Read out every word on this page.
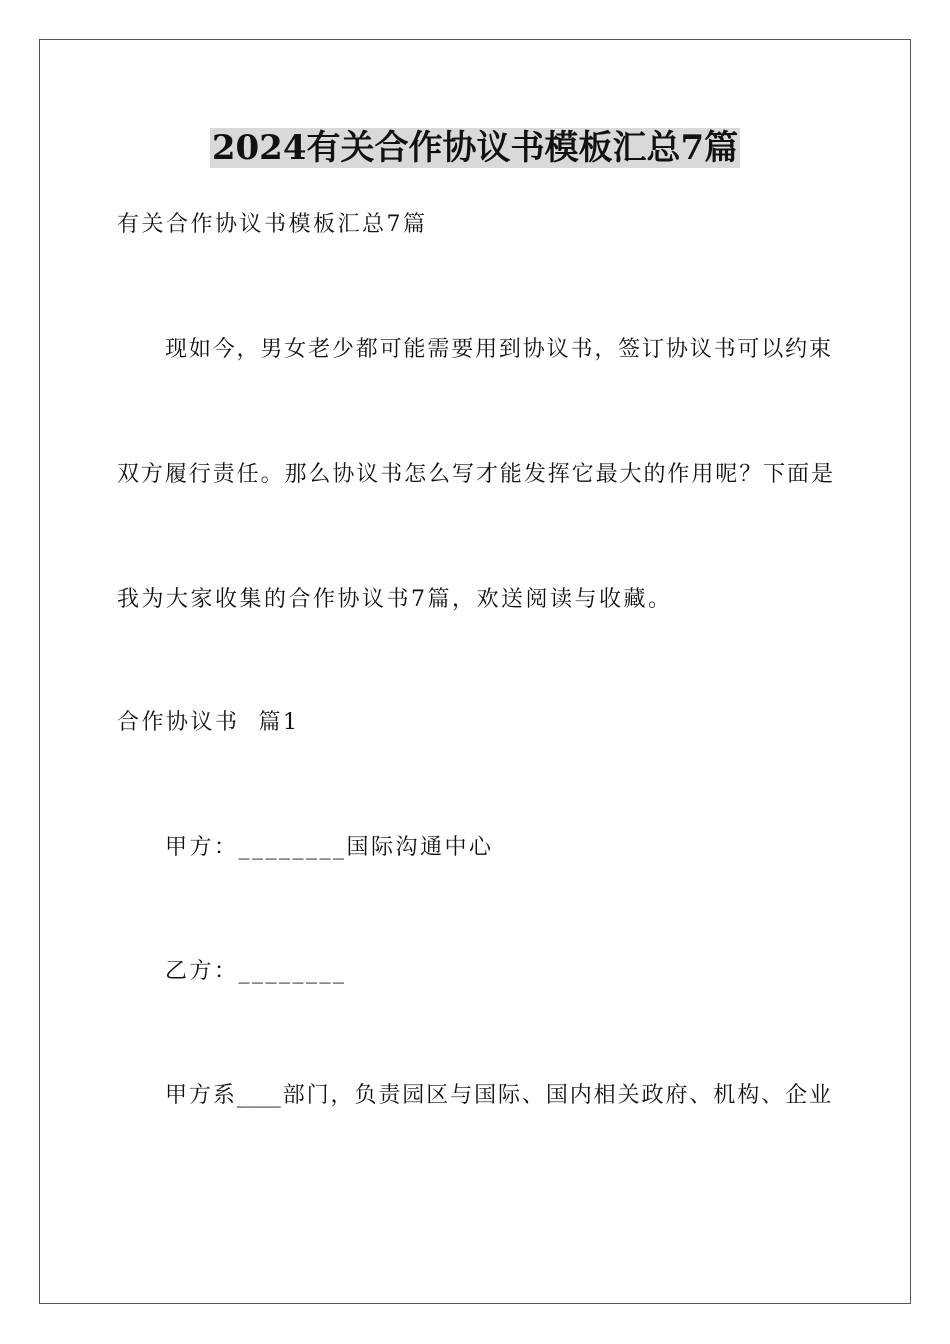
2024有关合作协议书模板汇总7篇
有关合作协议书模板汇总7篇
现如今，男女老少都可能需要用到协议书，签订协议书可以约束
双方履行责任。那么协议书怎么写才能发挥它最大的作用呢？下面是
我为大家收集的合作协议书7篇，欢送阅读与收藏。
合作协议书  篇1
甲方：________国际沟通中心
乙方：________
甲方系____部门，负责园区与国际、国内相关政府、机构、企业
